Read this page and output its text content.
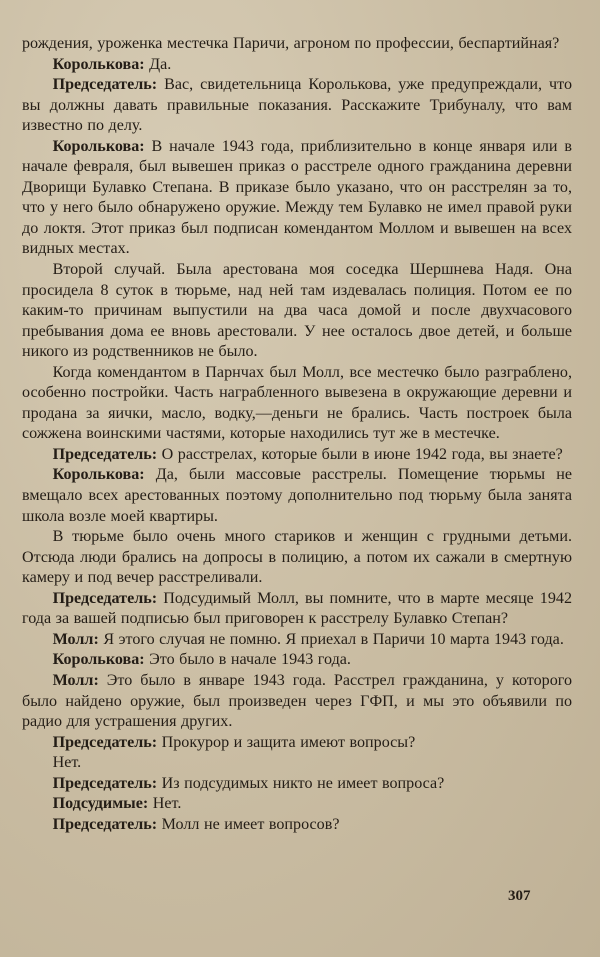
рождения, уроженка местечка Паричи, агроном по профессии, беспартийная?

Королькова: Да.

Председатель: Вас, свидетельница Королькова, уже предупреждали, что вы должны давать правильные показания. Расскажите Трибуналу, что вам известно по делу.

Королькова: В начале 1943 года, приблизительно в конце января или в начале февраля, был вывешен приказ о расстреле одного гражданина деревни Дворищи Булавко Степана. В приказе было указано, что он расстрелян за то, что у него было обнаружено оружие. Между тем Булавко не имел правой руки до локтя. Этот приказ был подписан комендантом Моллом и вывешен на всех видных местах.

Второй случай. Была арестована моя соседка Шершнева Надя. Она просидела 8 суток в тюрьме, над ней там издевалась полиция. Потом ее по каким-то причинам выпустили на два часа домой и после двухчасового пребывания дома ее вновь арестовали. У нее осталось двое детей, и больше никого из родственников не было.

Когда комендантом в Парнчах был Молл, все местечко было разграблено, особенно постройки. Часть награбленного вывезена в окружающие деревни и продана за яички, масло, водку,—деньги не брались. Часть построек была сожжена воинскими частями, которые находились тут же в местечке.

Председатель: О расстрелах, которые были в июне 1942 года, вы знаете?

Королькова: Да, были массовые расстрелы. Помещение тюрьмы не вмещало всех арестованных поэтому дополнительно под тюрьму была занята школа возле моей квартиры.

В тюрьме было очень много стариков и женщин с грудными детьми. Отсюда люди брались на допросы в полицию, а потом их сажали в смертную камеру и под вечер расстреливали.

Председатель: Подсудимый Молл, вы помните, что в марте месяце 1942 года за вашей подписью был приговорен к расстрелу Булавко Степан?

Молл: Я этого случая не помню. Я приехал в Паричи 10 марта 1943 года.

Королькова: Это было в начале 1943 года.

Молл: Это было в январе 1943 года. Расстрел гражданина, у которого было найдено оружие, был произведен через ГФП, и мы это объявили по радио для устрашения других.

Председатель: Прокурор и защита имеют вопросы?

Нет.

Председатель: Из подсудимых никто не имеет вопроса?

Подсудимые: Нет.

Председатель: Молл не имеет вопросов?

307
